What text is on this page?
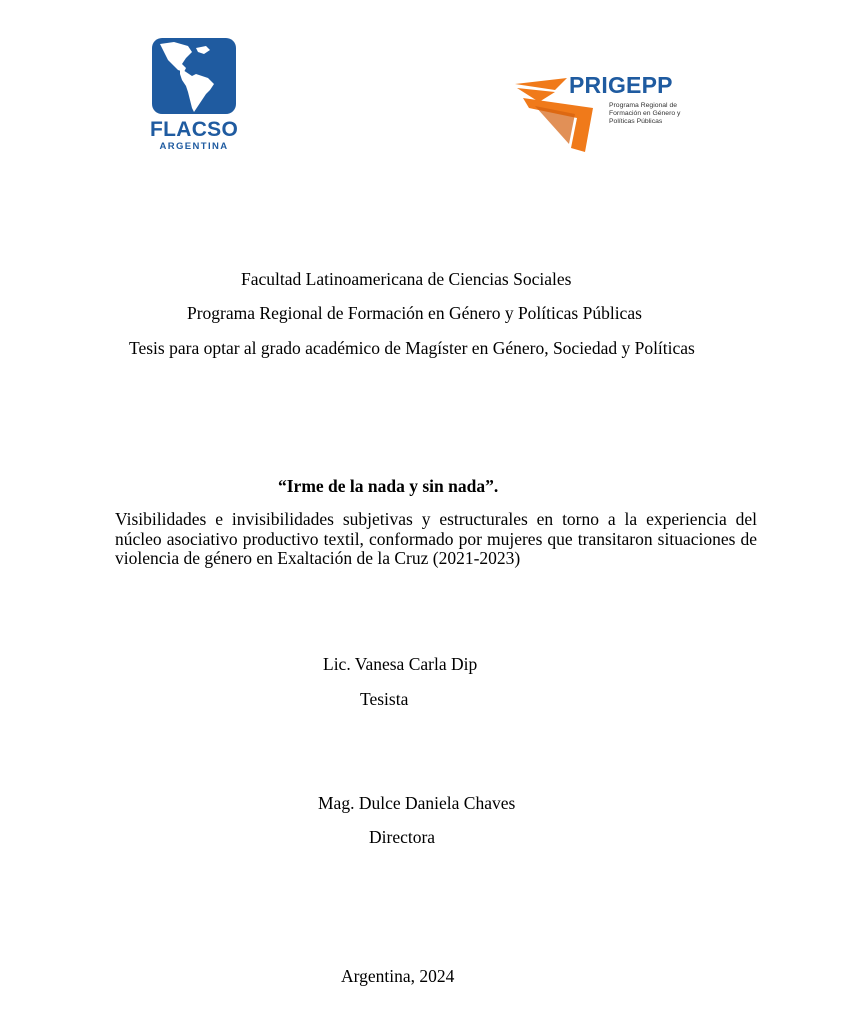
FLACSO
ARGENTINA
PRIGEPP
Programa Regional de Formación en Género y Políticas Públicas
Facultad Latinoamericana de Ciencias Sociales
Programa Regional de Formación en Género y Políticas Públicas
Tesis para optar al grado académico de Magíster en Género, Sociedad y Políticas
“Irme de la nada y sin nada”.
Visibilidades e invisibilidades subjetivas y estructurales en torno a la experiencia del núcleo asociativo productivo textil, conformado por mujeres que transitaron situaciones de violencia de género en Exaltación de la Cruz (2021-2023)
Lic. Vanesa Carla Dip
Tesista
Mag. Dulce Daniela Chaves
Directora
Argentina, 2024
